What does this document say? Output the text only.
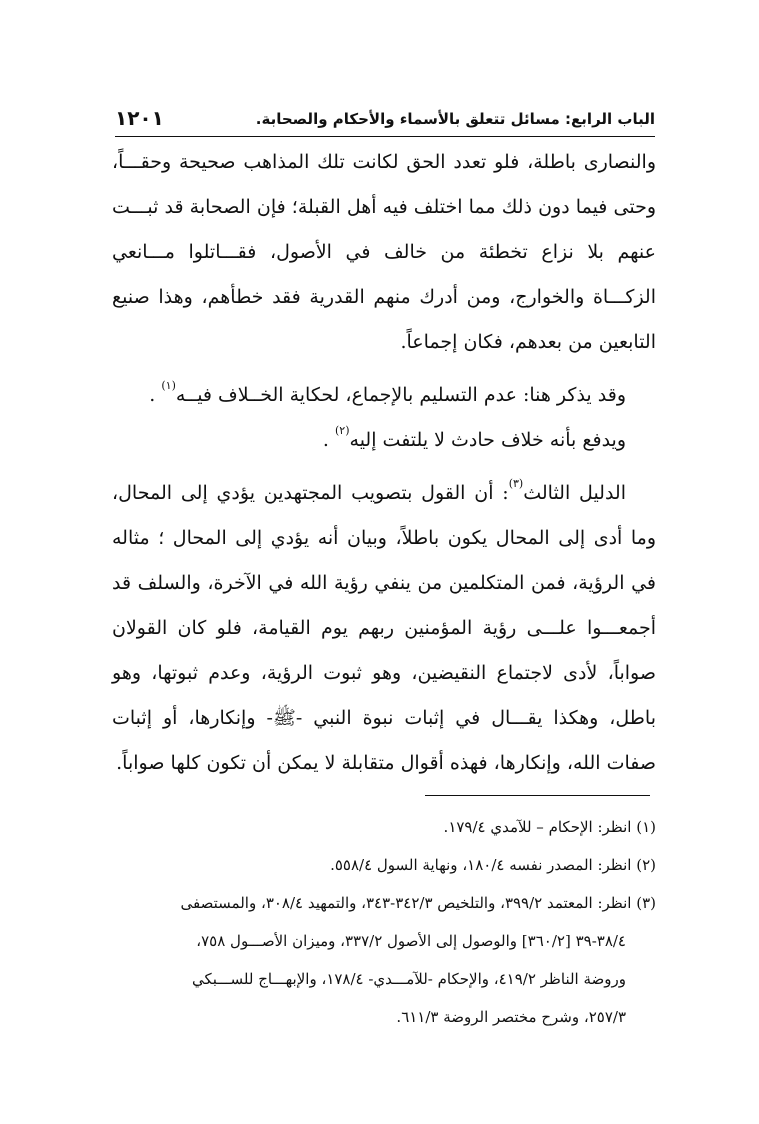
الباب الرابع: مسائل تتعلق بالأسماء والأحكام والصحابة.
١٢٠١

والنصارى باطلة، فلو تعدد الحق لكانت تلك المذاهب صحيحة وحقـــاً، وحتى فيما دون ذلك مما اختلف فيه أهل القبلة؛ فإن الصحابة قد ثبـــت عنهم بلا نزاع تخطئة من خالف في الأصول، فقـــاتلوا مـــانعي الزكـــاة والخوارج، ومن أدرك منهم القدرية فقد خطأهم، وهذا صنيع التابعين من بعدهم، فكان إجماعاً.

وقد يذكر هنا: عدم التسليم بالإجماع، لحكاية الخــلاف فيــه$^{(١)}$ .

ويدفع بأنه خلاف حادث لا يلتفت إليه$^{(٢)}$ .

الدليل الثالث$^{(٣)}$: أن القول بتصويب المجتهدين يؤدي إلى المحال، وما أدى إلى المحال يكون باطلاً، وبيان أنه يؤدي إلى المحال ؛ مثاله في الرؤية، فمن المتكلمين من ينفي رؤية الله في الآخرة، والسلف قد أجمعـــوا علـــى رؤية المؤمنين ربهم يوم القيامة، فلو كان القولان صواباً، لأدى لاجتماع النقيضين، وهو ثبوت الرؤية، وعدم ثبوتها، وهو باطل، وهكذا يقـــال في إثبات نبوة النبي -ﷺ- وإنكارها، أو إثبات صفات الله، وإنكارها، فهذه أقوال متقابلة لا يمكن أن تكون كلها صواباً.

(١) انظر: الإحكام – للآمدي ١٧٩/٤.

(٢) انظر: المصدر نفسه ١٨٠/٤، ونهاية السول ٥٥٨/٤.

(٣) انظر: المعتمد ٣٩٩/٢، والتلخيص ٣٤٢/٣-٣٤٣، والتمهيد ٣٠٨/٤، والمستصفى

٣٨/٤-٣٩ [٣٦٠/٢] والوصول إلى الأصول ٣٣٧/٢، وميزان الأصـــول ٧٥٨،

وروضة الناظر ٤١٩/٢، والإحكام -للآمـــدي- ١٧٨/٤، والإبهـــاج للســـبكي

٢٥٧/٣، وشرح مختصر الروضة ٦١١/٣.
